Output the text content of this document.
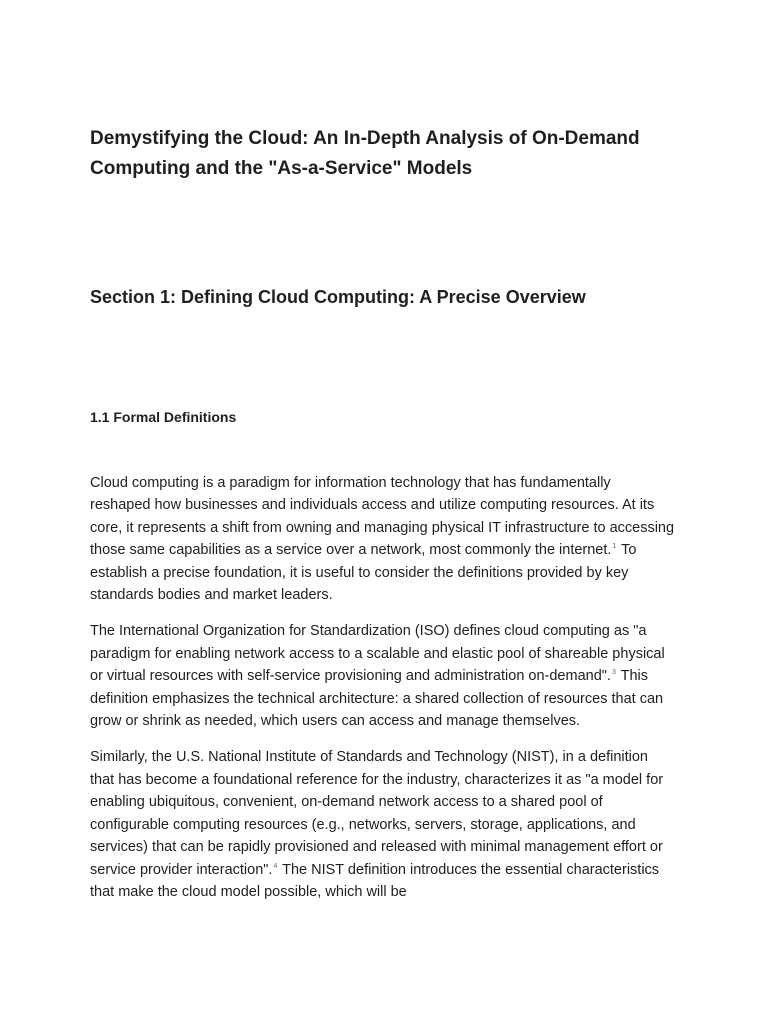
Demystifying the Cloud: An In-Depth Analysis of On-Demand Computing and the "As-a-Service" Models
Section 1: Defining Cloud Computing: A Precise Overview
1.1 Formal Definitions

Cloud computing is a paradigm for information technology that has fundamentally reshaped how businesses and individuals access and utilize computing resources. At its core, it represents a shift from owning and managing physical IT infrastructure to accessing those same capabilities as a service over a network, most commonly the internet.$^1$ To establish a precise foundation, it is useful to consider the definitions provided by key standards bodies and market leaders.

The International Organization for Standardization (ISO) defines cloud computing as "a paradigm for enabling network access to a scalable and elastic pool of shareable physical or virtual resources with self-service provisioning and administration on-demand".$^3$ This definition emphasizes the technical architecture: a shared collection of resources that can grow or shrink as needed, which users can access and manage themselves.

Similarly, the U.S. National Institute of Standards and Technology (NIST), in a definition that has become a foundational reference for the industry, characterizes it as "a model for enabling ubiquitous, convenient, on-demand network access to a shared pool of configurable computing resources (e.g., networks, servers, storage, applications, and services) that can be rapidly provisioned and released with minimal management effort or service provider interaction".$^4$ The NIST definition introduces the essential characteristics that make the cloud model possible, which will be
